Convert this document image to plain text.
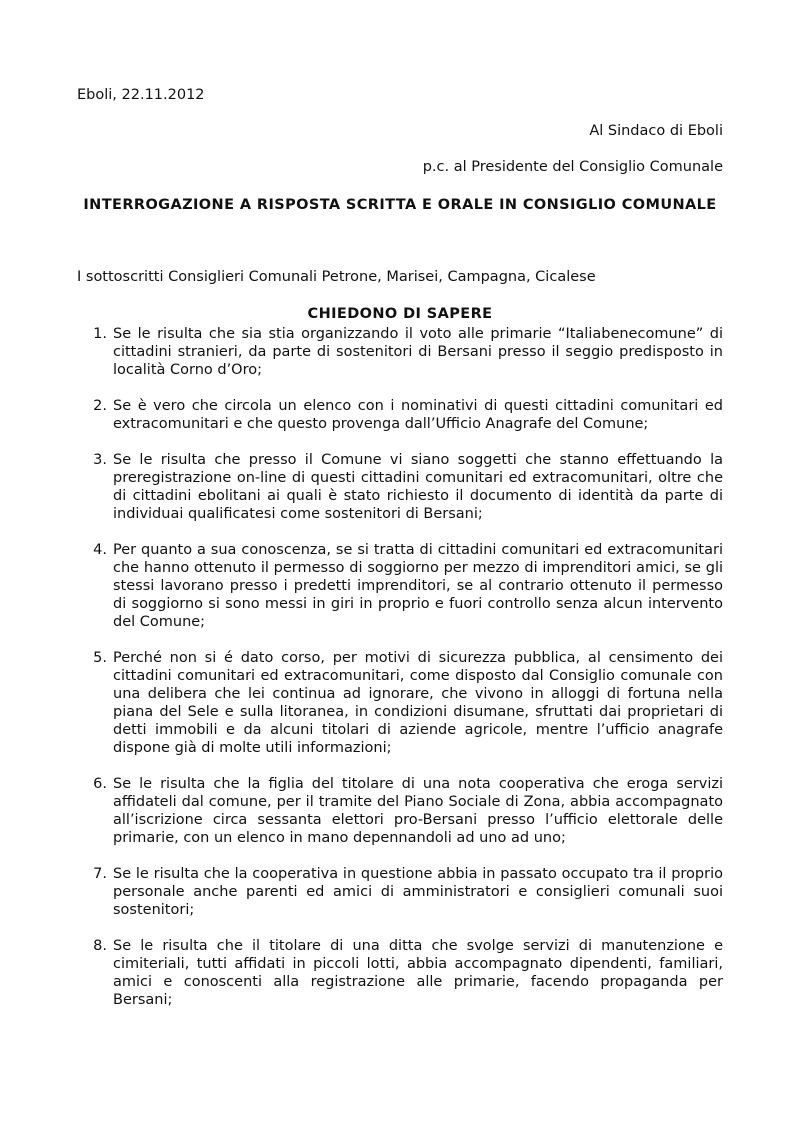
Eboli, 22.11.2012
Al Sindaco di Eboli
p.c. al Presidente del Consiglio Comunale
INTERROGAZIONE A RISPOSTA SCRITTA E ORALE IN CONSIGLIO COMUNALE
I sottoscritti Consiglieri Comunali Petrone, Marisei, Campagna, Cicalese
CHIEDONO DI SAPERE
1. Se le risulta che sia stia organizzando il voto alle primarie “Italiabenecomune” di cittadini stranieri, da parte di sostenitori di Bersani presso il seggio predisposto in località Corno d’Oro;
2. Se è vero che circola un elenco con i nominativi di questi cittadini comunitari ed extracomunitari e che questo provenga dall’Ufficio Anagrafe del Comune;
3. Se le risulta che presso il Comune vi siano soggetti che stanno effettuando la preregistrazione on-line di questi cittadini comunitari ed extracomunitari, oltre che di cittadini ebolitani ai quali è stato richiesto il documento di identità da parte di individuai qualificatesi come sostenitori di Bersani;
4. Per quanto a sua conoscenza, se si tratta di cittadini comunitari ed extracomunitari che hanno ottenuto il permesso di soggiorno per mezzo di imprenditori amici, se gli stessi lavorano presso i predetti imprenditori, se al contrario ottenuto il permesso di soggiorno si sono messi in giri in proprio e fuori controllo senza alcun intervento del Comune;
5. Perché non si é dato corso, per motivi di sicurezza pubblica, al censimento dei cittadini comunitari ed extracomunitari, come disposto dal Consiglio comunale con una delibera che lei continua ad ignorare, che vivono in alloggi di fortuna nella piana del Sele e sulla litoranea, in condizioni disumane, sfruttati dai proprietari di detti immobili e da alcuni titolari di aziende agricole, mentre l’ufficio anagrafe dispone già di molte utili informazioni;
6. Se le risulta che la figlia del titolare di una nota cooperativa che eroga servizi affidateli dal comune, per il tramite del Piano Sociale di Zona, abbia accompagnato all’iscrizione circa sessanta elettori pro-Bersani presso l’ufficio elettorale delle primarie, con un elenco in mano depennandoli ad uno ad uno;
7. Se le risulta che la cooperativa in questione abbia in passato occupato tra il proprio personale anche parenti ed amici di amministratori e consiglieri comunali suoi sostenitori;
8. Se le risulta che il titolare di una ditta che svolge servizi di manutenzione e cimiteriali, tutti affidati in piccoli lotti, abbia accompagnato dipendenti, familiari, amici e conoscenti alla registrazione alle primarie, facendo propaganda per Bersani;
